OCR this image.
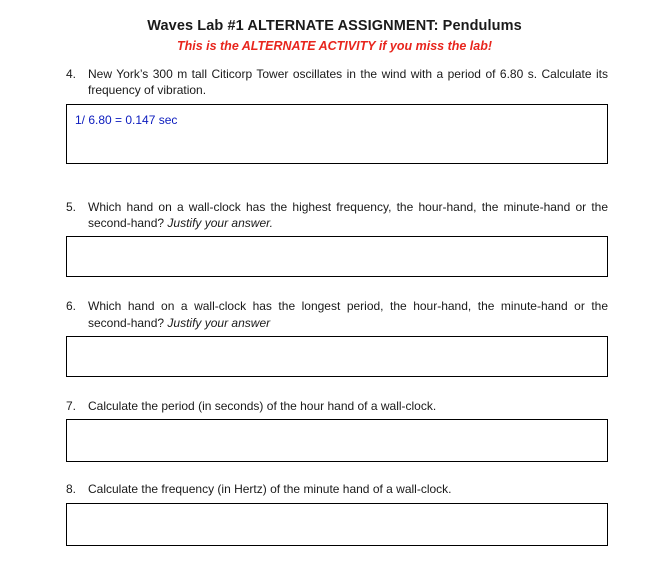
Waves Lab #1 ALTERNATE ASSIGNMENT: Pendulums
This is the ALTERNATE ACTIVITY if you miss the lab!
4. New York’s 300 m tall Citicorp Tower oscillates in the wind with a period of 6.80 s. Calculate its frequency of vibration.
1/ 6.80 = 0.147 sec
5. Which hand on a wall-clock has the highest frequency, the hour-hand, the minute-hand or the second-hand? Justify your answer.
6. Which hand on a wall-clock has the longest period, the hour-hand, the minute-hand or the second-hand? Justify your answer
7. Calculate the period (in seconds) of the hour hand of a wall-clock.
8. Calculate the frequency (in Hertz) of the minute hand of a wall-clock.
